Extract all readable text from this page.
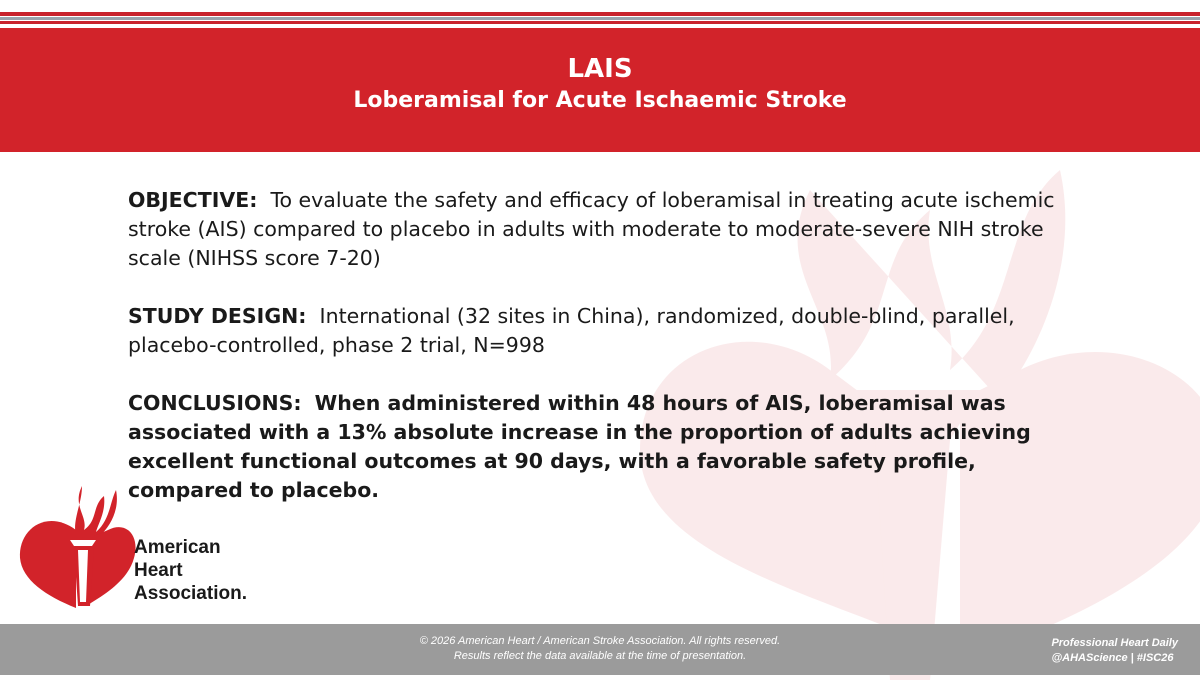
LAIS
Loberamisal for Acute Ischaemic Stroke

OBJECTIVE: To evaluate the safety and efficacy of loberamisal in treating acute ischemic stroke (AIS) compared to placebo in adults with moderate to moderate-severe NIH stroke scale (NIHSS score 7-20)

STUDY DESIGN: International (32 sites in China), randomized, double-blind, parallel, placebo-controlled, phase 2 trial, N=998

CONCLUSIONS: When administered within 48 hours of AIS, loberamisal was associated with a 13% absolute increase in the proportion of adults achieving excellent functional outcomes at 90 days, with a favorable safety profile, compared to placebo.

American
Heart
Association.
© 2026 American Heart / American Stroke Association. All rights reserved.
Results reflect the data available at the time of presentation.
Professional Heart Daily
@AHAScience | #ISC26
